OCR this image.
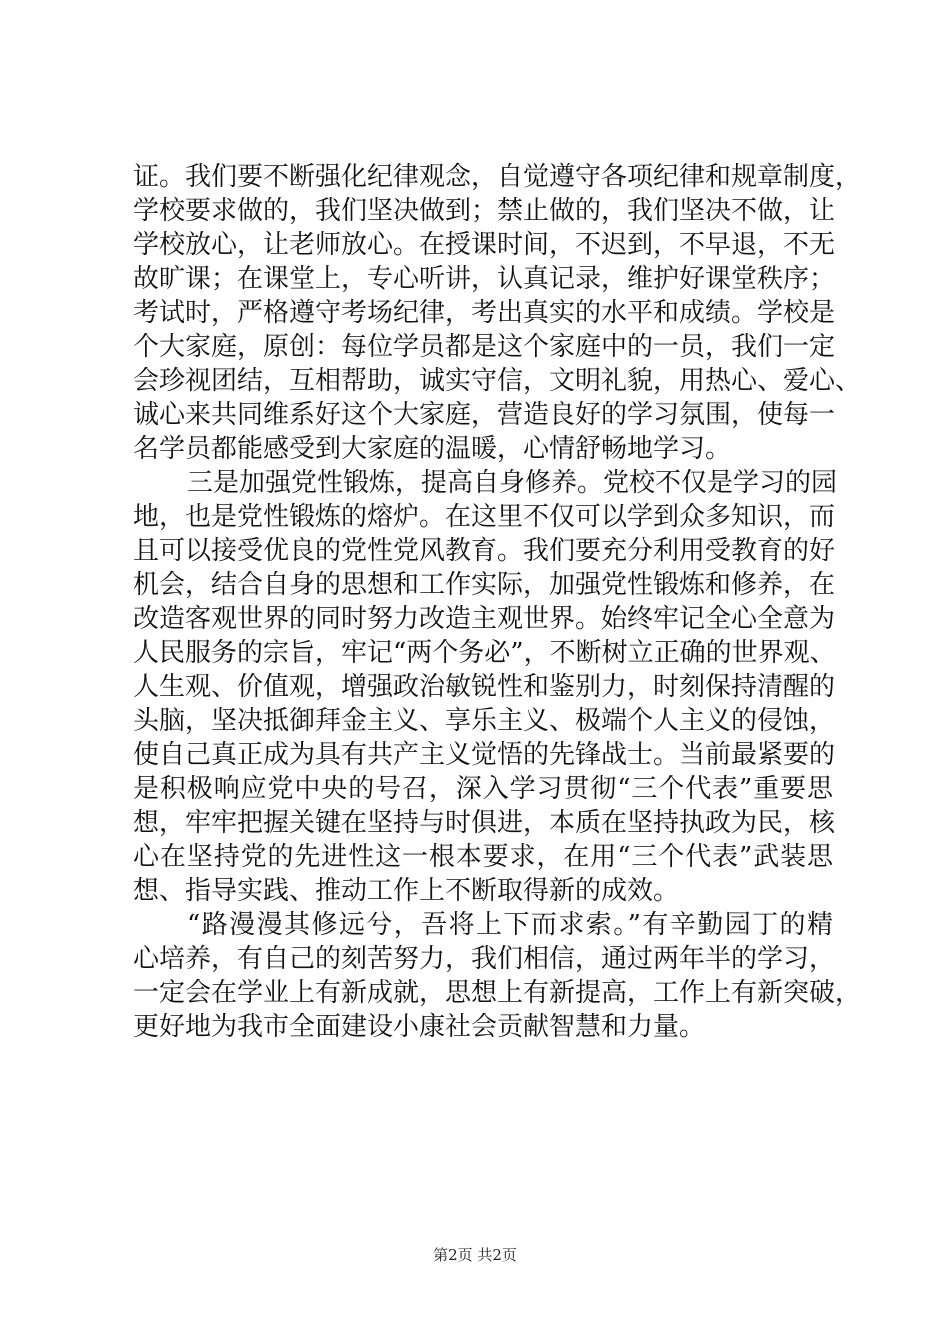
证。我们要不断强化纪律观念，自觉遵守各项纪律和规章制度，
学校要求做的，我们坚决做到；禁止做的，我们坚决不做，让
学校放心，让老师放心。在授课时间，不迟到，不早退，不无
故旷课；在课堂上，专心听讲，认真记录，维护好课堂秩序；
考试时，严格遵守考场纪律，考出真实的水平和成绩。学校是
个大家庭，原创：每位学员都是这个家庭中的一员，我们一定
会珍视团结，互相帮助，诚实守信，文明礼貌，用热心、爱心、
诚心来共同维系好这个大家庭，营造良好的学习氛围，使每一
名学员都能感受到大家庭的温暖，心情舒畅地学习。
三是加强党性锻炼，提高自身修养。党校不仅是学习的园
地，也是党性锻炼的熔炉。在这里不仅可以学到众多知识，而
且可以接受优良的党性党风教育。我们要充分利用受教育的好
机会，结合自身的思想和工作实际，加强党性锻炼和修养，在
改造客观世界的同时努力改造主观世界。始终牢记全心全意为
人民服务的宗旨，牢记“两个务必”，不断树立正确的世界观、
人生观、价值观，增强政治敏锐性和鉴别力，时刻保持清醒的
头脑，坚决抵御拜金主义、享乐主义、极端个人主义的侵蚀，
使自己真正成为具有共产主义觉悟的先锋战士。当前最紧要的
是积极响应党中央的号召，深入学习贯彻“三个代表”重要思
想，牢牢把握关键在坚持与时俱进，本质在坚持执政为民，核
心在坚持党的先进性这一根本要求，在用“三个代表”武装思
想、指导实践、推动工作上不断取得新的成效。
“路漫漫其修远兮，吾将上下而求索。”有辛勤园丁的精
心培养，有自己的刻苦努力，我们相信，通过两年半的学习，
一定会在学业上有新成就，思想上有新提高，工作上有新突破，
更好地为我市全面建设小康社会贡献智慧和力量。
第2页 共2页
